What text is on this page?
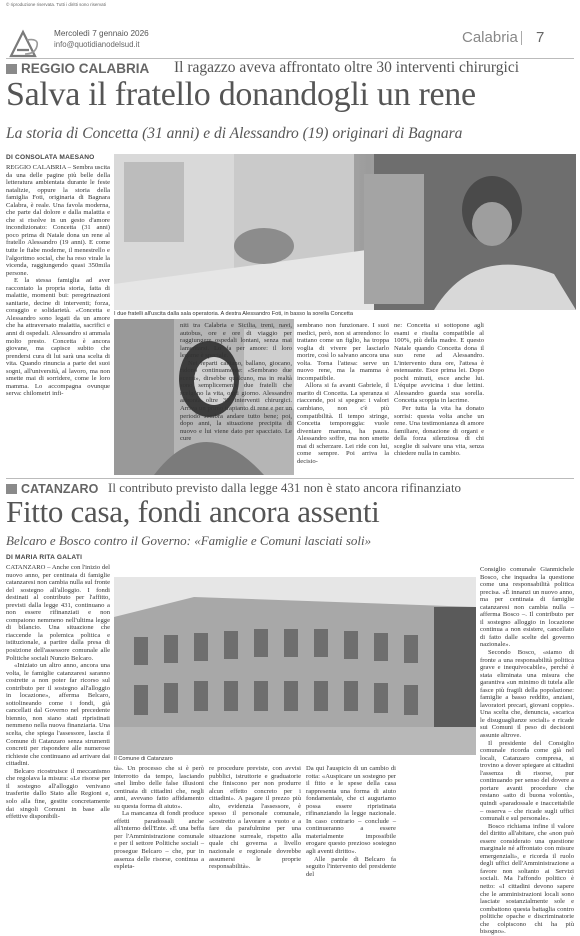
© riproduzione riservata. Tutti i diritti sono riservati
Mercoledì 7 gennaio 2026
info@quotidianodelsud.it	Calabria 7
REGGIO CALABRIA Il ragazzo aveva affrontato oltre 30 interventi chirurgici
Salva il fratello donandogli un rene
La storia di Concetta (31 anni) e di Alessandro (19) originari di Bagnara
DI CONSOLATA MAESANO

REGGIO CALABRIA – Sembra uscita da una delle pagine più belle della letteratura ambientata durante le feste natalizie, oppure la storia della famiglia Foti, originaria di Bagnara Calabra, è reale. Una favola moderna, che parte dal dolore e dalla malattia e che si risolve in un gesto d'amore incondizionato: Concetta (31 anni) poco prima di Natale dona un rene al fratello Alessandro (19 anni). E come tutte le fiabe moderne, il menestrello e l'algoritmo social, che ha reso virale la vicenda, raggiungendo quasi 350mila persone.

E la stessa famiglia ad aver raccontato la propria storia, fatta di malattie, momenti bui: peregrinazioni sanitarie, decine di interventi; forza, coraggio e solidarietà. «Concetta e Alessandro sono legati da un amore che ha attraversato malattia, sacrifici e anni di ospedali. Alessandro si ammala molto presto. Concetta è ancora giovane, ma capisce subito che prendersi cura di lui sarà una scelta di vita. Quando rinuncia a parte dei suoi sogni, all'università, al lavoro, ma non smette mai di sorridere, come le loro mamma. Lo accompagna ovunque serva: chilometri infi-

I due fratelli all'uscita dalla sala operatoria. A destra Alessandro Foti, in basso la sorella Concetta

niti tra Calabria e Sicilia, treni, navi, autobus, ore e ore di viaggio per raggiungere ospedali lontani, senza mai lamentarsi. Lo fa per amore: il loro legame è speciale.

Nei reparti cantano, ballano, giocano, ridono continuamente: «Sembrano due scemi», dirsebbe qualcuno, ma in realtà sono semplicemente due fratelli che scelgono la vita, ogni giorno. Alessandro affronta oltre 30 interventi chirurgici. Arriva un primo trapianto di rene e per un periodo sembra andare tutto bene; poi, dopo anni, la situazione precipita di nuovo e lui viene dato per spacciato. Le cure

sembrano non funzionare. I suoi medici, però, non si arrendono: lo trattano come un figlio, ha troppa voglia di vivere per lasciarlo morire, così lo salvano ancora una volta. Torna l'attesa: serve un nuovo rene, ma la mamma è incompatibile.

Allora si fa avanti Gabriele, il marito di Concetta. La speranza si riaccende, poi si spegne: i valori cambiano, non c'è più compatibilità. Il tempo stringe, Concetta temporeggia: vuole diventare mamma, ha paura. Alessandro soffre, ma non smette mai di scherzare. Lei ride con lui, come sempre. Poi arriva la decisio-

ne: Concetta si sottopone agli esami e risulta compatibile al 100%, più della madre. E questo Natale quando Concetta dona il suo rene ad Alessandro. L'intervento dura ore, l'attesa è estenuante. Esce prima lei. Dopo pochi minuti, esce anche lui. L'équipe avvicina i due lettini. Alessandro guarda sua sorella. Concetta scoppia in lacrime.

Per tutta la vita ha donato sorrisi: questa volta anche un rene. Una testimonianza di amore familiare, donazione di organi e della forza silenziosa di chi sceglie di salvare una vita, senza chiedere nulla in cambio.

CATANZARO Il contributo previsto dalla legge 431 non è stato ancora rifinanziato
Fitto casa, fondi ancora assenti
Belcaro e Bosco contro il Governo: «Famiglie e Comuni lasciati soli»
DI MARIA RITA GALATI

CATANZARO – Anche con l'inizio del nuovo anno, per centinaia di famiglie catanzaresi non cambia nulla sul fronte del sostegno all'alloggio. I fondi destinati al contributo per l'affitto, previsti dalla legge 431, continuano a non essere rifinanziati e non compaiono nemmeno nell'ultima legge di bilancio. Una situazione che riaccende la polemica politica e istituzionale, a partire dalla presa di posizione dell'assessore comunale alle Politiche sociali Nunzio Belcaro.

«Iniziato un altro anno, ancora una volta, le famiglie catanzaresi saranno costrette a non poter far ricorso sul contributo per il sostegno all'alloggio in locazione», afferma Belcaro, sottolineando come i fondi, già cancellati dal Governo nel precedente biennio, non siano stati ripristinati nemmeno nella nuova finanziaria. Una scelta, che spiega l'assessore, lascia il Comune di Catanzaro senza strumenti concreti per rispondere alle numerose richieste che continuano ad arrivare dai cittadini.

Belcaro ricostruisce il meccanismo che regolava la misura: «Le risorse per il sostegno all'alloggio venivano trasferite dallo Stato alle Regioni e, solo alla fine, gestite concretamente dai singoli Comuni in base alle effettive disponibili-

Il Comune di Catanzaro

tà». Un processo che si è però interrotto da tempo, lasciando «nel limbo delle false illusioni centinaia di cittadini che, negli anni, avevano fatto affidamento su questa forma di aiuto».

La mancanza di fondi produce effetti paradossali anche all'interno dell'Ente. «È una beffa per l'Amministrazione comunale e per il settore Politiche sociali – prosegue Belcaro – che, pur in assenza delle risorse, continua a espleta-

re procedure previste, con avvisi pubblici, istruttorie e graduatorie che finiscono per non produrre alcun effetto concreto per i cittadini». A pagare il prezzo più alto, evidenzia l'assessore, è spesso il personale comunale, «costretto a lavorare a vuoto e a fare da parafulmine per una situazione surreale, rispetto alla quale chi governa a livello nazionale e regionale dovrebbe assumersi le proprie responsabilità».

Da qui l'auspicio di un cambio di rotta: «Auspicare un sostegno per il fitto e le spese della casa rappresenta una forma di aiuto fondamentale, che ci auguriamo possa essere ripristinata rifinanziando la legge nazionale. In caso contrario – conclude – continueranno a essere materialmente impossibile erogare questo prezioso sostegno agli aventi diritto».

Alle parole di Belcaro fa seguito l'intervento del presidente del

Consiglio comunale Gianmichele Bosco, che inquadra la questione come una responsabilità politica precisa. «È innanzi un nuovo anno, ma per centinaia di famiglie catanzaresi non cambia nulla – afferma Bosco –. Il contributo per il sostegno alloggio in locazione continua a non esistere, cancellato di fatto dalle scelte del governo nazionale».

Secondo Bosco, «siamo di fronte a una responsabilità politica grave e inequivocabile», perché è stata eliminata una misura che garantiva «un minimo di tutela alle fasce più fragili della popolazione: famiglie a basso reddito, anziani, lavoratori precari, giovani coppie». Una scelta che, denuncia, «scarica le disuguaglianze sociali» e ricade sui Comuni il peso di decisioni assunte altrove.

Il presidente del Consiglio comunale ricorda come già nel locali, Catanzaro compresa, si trovino a dover spiegare ai cittadini l'assenza di risorse, pur continuando per senso del dovere a portare avanti procedure che restano «atto di buona volontà», quindi «paradossale e inaccettabile – osserva – che ricade sugli uffici comunali e sul personale».

Bosco richiama infine il valore del diritto all'abitare, che «non può essere considerato una questione marginale né affrontato con misure emergenziali», e ricorda il ruolo degli uffici dell'Amministrazione a favore non soltanto ai Servizi sociali. Ma l'affondo politico è netto: «I cittadini devono sapere che le amministrazioni locali sono lasciate sostanzialmente sole e combattono questa battaglia contro politiche opache e discriminatorie che colpiscono chi ha più bisogno».
